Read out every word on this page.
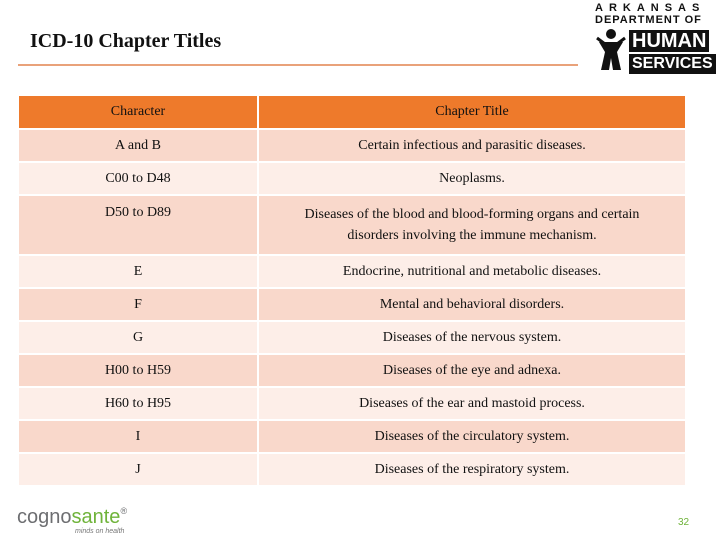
ICD-10 Chapter Titles
ARKANSAS
DEPARTMENT OF
HUMAN
SERVICES
Character	Chapter Title
A and B	Certain infectious and parasitic diseases.
C00 to D48	Neoplasms.
D50 to D89	Diseases of the blood and blood-forming organs and certain disorders involving the immune mechanism.
E	Endocrine, nutritional and metabolic diseases.
F	Mental and behavioral disorders.
G	Diseases of the nervous system.
H00 to H59	Diseases of the eye and adnexa.
H60 to H95	Diseases of the ear and mastoid process.
I	Diseases of the circulatory system.
J	Diseases of the respiratory system.
cognosante®
minds on health
32
